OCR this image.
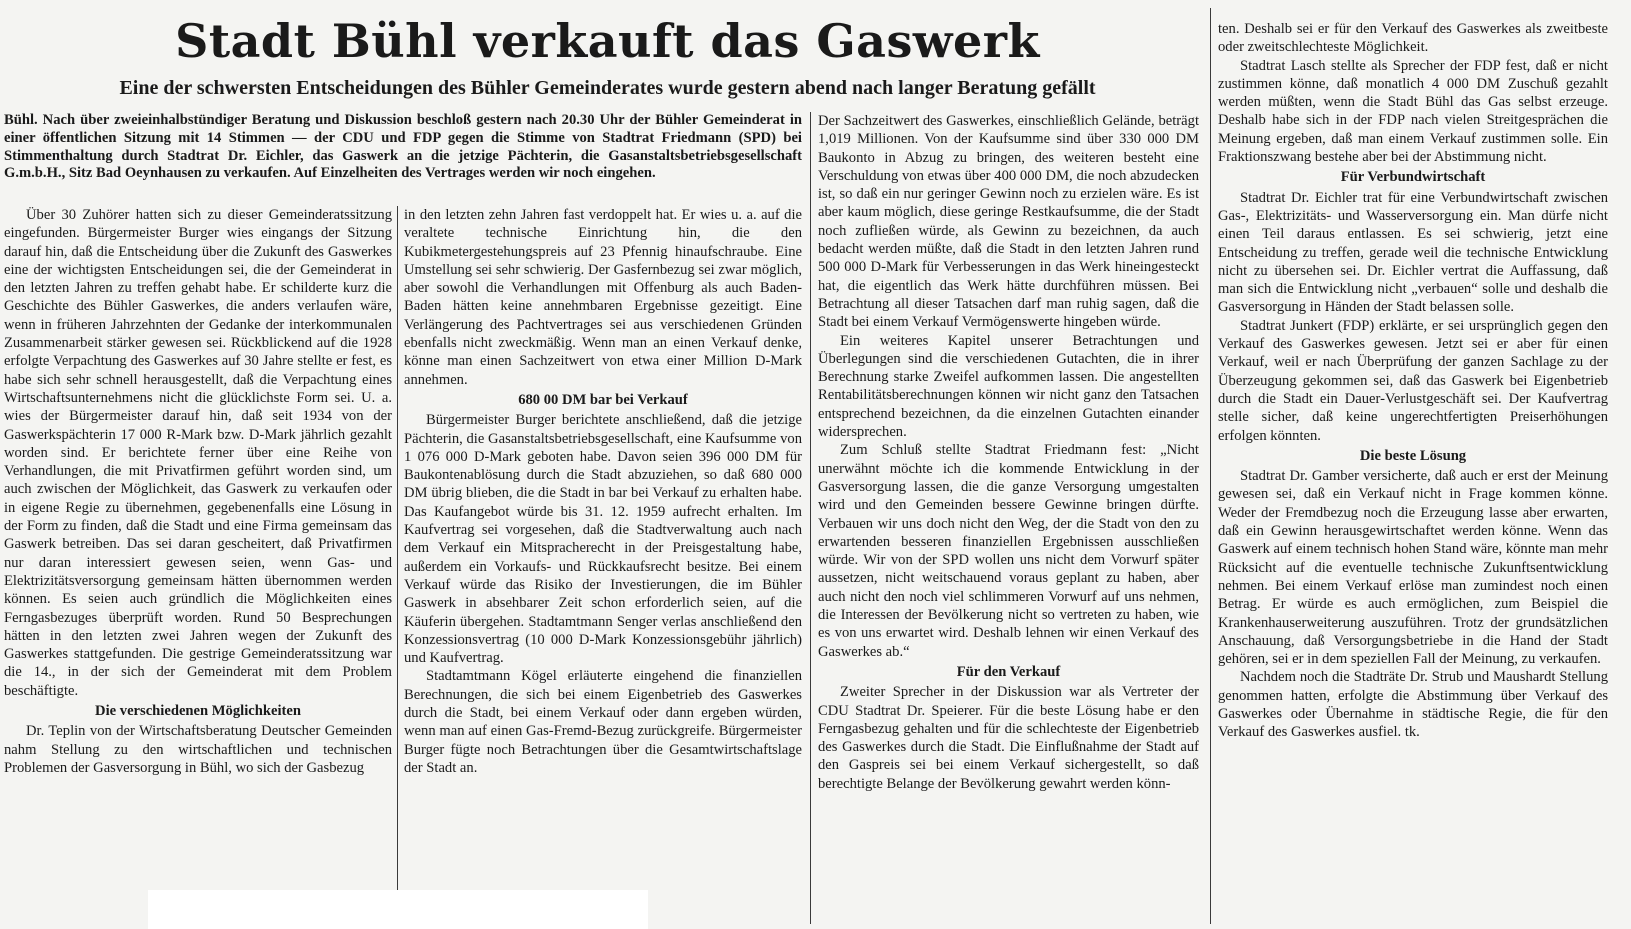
Stadt Bühl verkauft das Gaswerk
Eine der schwersten Entscheidungen des Bühler Gemeinderates wurde gestern abend nach langer Beratung gefällt
Bühl. Nach über zweieinhalbstündiger Beratung und Diskussion beschloß gestern nach 20.30 Uhr der Bühler Gemeinderat in einer öffentlichen Sitzung mit 14 Stimmen — der CDU und FDP gegen die Stimme von Stadtrat Friedmann (SPD) bei Stimmenthaltung durch Stadtrat Dr. Eichler, das Gaswerk an die jetzige Pächterin, die Gasanstaltsbetriebsgesellschaft G.m.b.H., Sitz Bad Oeynhausen zu verkaufen. Auf Einzelheiten des Vertrages werden wir noch eingehen.

Über 30 Zuhörer hatten sich zu dieser Gemeinderatssitzung eingefunden. Bürgermeister Burger wies eingangs der Sitzung darauf hin, daß die Entscheidung über die Zukunft des Gaswerkes eine der wichtigsten Entscheidungen sei, die der Gemeinderat in den letzten Jahren zu treffen gehabt habe. Er schilderte kurz die Geschichte des Bühler Gaswerkes, die anders verlaufen wäre, wenn in früheren Jahrzehnten der Gedanke der interkommunalen Zusammenarbeit stärker gewesen sei. Rückblickend auf die 1928 erfolgte Verpachtung des Gaswerkes auf 30 Jahre stellte er fest, es habe sich sehr schnell herausgestellt, daß die Verpachtung eines Wirtschaftsunternehmens nicht die glücklichste Form sei. U. a. wies der Bürgermeister darauf hin, daß seit 1934 von der Gaswerkspächterin 17 000 R-Mark bzw. D-Mark jährlich gezahlt worden sind. Er berichtete ferner über eine Reihe von Verhandlungen, die mit Privatfirmen geführt worden sind, um auch zwischen der Möglichkeit, das Gaswerk zu verkaufen oder in eigene Regie zu übernehmen, gegebenenfalls eine Lösung in der Form zu finden, daß die Stadt und eine Firma gemeinsam das Gaswerk betreiben. Das sei daran gescheitert, daß Privatfirmen nur daran interessiert gewesen seien, wenn Gas- und Elektrizitätsversorgung gemeinsam hätten übernommen werden können. Es seien auch gründlich die Möglichkeiten eines Ferngasbezuges überprüft worden. Rund 50 Besprechungen hätten in den letzten zwei Jahren wegen der Zukunft des Gaswerkes stattgefunden. Die gestrige Gemeinderatssitzung war die 14., in der sich der Gemeinderat mit dem Problem beschäftigte.

Die verschiedenen Möglichkeiten

Dr. Teplin von der Wirtschaftsberatung Deutscher Gemeinden nahm Stellung zu den wirtschaftlichen und technischen Problemen der Gasversorgung in Bühl, wo sich der Gasbezug

in den letzten zehn Jahren fast verdoppelt hat. Er wies u. a. auf die veraltete technische Einrichtung hin, die den Kubikmetergestehungspreis auf 23 Pfennig hinaufschraube. Eine Umstellung sei sehr schwierig. Der Gasfernbezug sei zwar möglich, aber sowohl die Verhandlungen mit Offenburg als auch Baden-Baden hätten keine annehmbaren Ergebnisse gezeitigt. Eine Verlängerung des Pachtvertrages sei aus verschiedenen Gründen ebenfalls nicht zweckmäßig. Wenn man an einen Verkauf denke, könne man einen Sachzeitwert von etwa einer Million D-Mark annehmen.

680 00 DM bar bei Verkauf

Bürgermeister Burger berichtete anschließend, daß die jetzige Pächterin, die Gasanstaltsbetriebsgesellschaft, eine Kaufsumme von 1 076 000 D-Mark geboten habe. Davon seien 396 000 DM für Baukontenablösung durch die Stadt abzuziehen, so daß 680 000 DM übrig blieben, die die Stadt in bar bei Verkauf zu erhalten habe. Das Kaufangebot würde bis 31. 12. 1959 aufrecht erhalten. Im Kaufvertrag sei vorgesehen, daß die Stadtverwaltung auch nach dem Verkauf ein Mitspracherecht in der Preisgestaltung habe, außerdem ein Vorkaufs- und Rückkaufsrecht besitze. Bei einem Verkauf würde das Risiko der Investierungen, die im Bühler Gaswerk in absehbarer Zeit schon erforderlich seien, auf die Käuferin übergehen. Stadtamtmann Senger verlas anschließend den Konzessionsvertrag (10 000 D-Mark Konzessionsgebühr jährlich) und Kaufvertrag.

Stadtamtmann Kögel erläuterte eingehend die finanziellen Berechnungen, die sich bei einem Eigenbetrieb des Gaswerkes durch die Stadt, bei einem Verkauf oder dann ergeben würden, wenn man auf einen Gas-Fremd-Bezug zurückgreife. Bürgermeister Burger fügte noch Betrachtungen über die Gesamtwirtschaftslage der Stadt an.

Der Sachzeitwert des Gaswerkes, einschließlich Gelände, beträgt 1,019 Millionen. Von der Kaufsumme sind über 330 000 DM Baukonto in Abzug zu bringen, des weiteren besteht eine Verschuldung von etwas über 400 000 DM, die noch abzudecken ist, so daß ein nur geringer Gewinn noch zu erzielen wäre. Es ist aber kaum möglich, diese geringe Restkaufsumme, die der Stadt noch zufließen würde, als Gewinn zu bezeichnen, da auch bedacht werden müßte, daß die Stadt in den letzten Jahren rund 500 000 D-Mark für Verbesserungen in das Werk hineingesteckt hat, die eigentlich das Werk hätte durchführen müssen. Bei Betrachtung all dieser Tatsachen darf man ruhig sagen, daß die Stadt bei einem Verkauf Vermögenswerte hingeben würde.

Ein weiteres Kapitel unserer Betrachtungen und Überlegungen sind die verschiedenen Gutachten, die in ihrer Berechnung starke Zweifel aufkommen lassen. Die angestellten Rentabilitätsberechnungen können wir nicht ganz den Tatsachen entsprechend bezeichnen, da die einzelnen Gutachten einander widersprechen.

Zum Schluß stellte Stadtrat Friedmann fest: „Nicht unerwähnt möchte ich die kommende Entwicklung in der Gasversorgung lassen, die die ganze Versorgung umgestalten wird und den Gemeinden bessere Gewinne bringen dürfte. Verbauen wir uns doch nicht den Weg, der die Stadt von den zu erwartenden besseren finanziellen Ergebnissen ausschließen würde. Wir von der SPD wollen uns nicht dem Vorwurf später aussetzen, nicht weitschauend voraus geplant zu haben, aber auch nicht den noch viel schlimmeren Vorwurf auf uns nehmen, die Interessen der Bevölkerung nicht so vertreten zu haben, wie es von uns erwartet wird. Deshalb lehnen wir einen Verkauf des Gaswerkes ab.“

Für den Verkauf

Zweiter Sprecher in der Diskussion war als Vertreter der CDU Stadtrat Dr. Speierer. Für die beste Lösung habe er den Ferngasbezug gehalten und für die schlechteste der Eigenbetrieb des Gaswerkes durch die Stadt. Die Einflußnahme der Stadt auf den Gaspreis sei bei einem Verkauf sichergestellt, so daß berechtigte Belange der Bevölkerung gewahrt werden könn-

ten. Deshalb sei er für den Verkauf des Gaswerkes als zweitbeste oder zweitschlechteste Möglichkeit.

Stadtrat Lasch stellte als Sprecher der FDP fest, daß er nicht zustimmen könne, daß monatlich 4 000 DM Zuschuß gezahlt werden müßten, wenn die Stadt Bühl das Gas selbst erzeuge. Deshalb habe sich in der FDP nach vielen Streitgesprächen die Meinung ergeben, daß man einem Verkauf zustimmen solle. Ein Fraktionszwang bestehe aber bei der Abstimmung nicht.

Für Verbundwirtschaft

Stadtrat Dr. Eichler trat für eine Verbundwirtschaft zwischen Gas-, Elektrizitäts- und Wasserversorgung ein. Man dürfe nicht einen Teil daraus entlassen. Es sei schwierig, jetzt eine Entscheidung zu treffen, gerade weil die technische Entwicklung nicht zu übersehen sei. Dr. Eichler vertrat die Auffassung, daß man sich die Entwicklung nicht „verbauen“ solle und deshalb die Gasversorgung in Händen der Stadt belassen solle.

Stadtrat Junkert (FDP) erklärte, er sei ursprünglich gegen den Verkauf des Gaswerkes gewesen. Jetzt sei er aber für einen Verkauf, weil er nach Überprüfung der ganzen Sachlage zu der Überzeugung gekommen sei, daß das Gaswerk bei Eigenbetrieb durch die Stadt ein Dauer-Verlustgeschäft sei. Der Kaufvertrag stelle sicher, daß keine ungerechtfertigten Preiserhöhungen erfolgen könnten.

Die beste Lösung

Stadtrat Dr. Gamber versicherte, daß auch er erst der Meinung gewesen sei, daß ein Verkauf nicht in Frage kommen könne. Weder der Fremdbezug noch die Erzeugung lasse aber erwarten, daß ein Gewinn herausgewirtschaftet werden könne. Wenn das Gaswerk auf einem technisch hohen Stand wäre, könnte man mehr Rücksicht auf die eventuelle technische Zukunftsentwicklung nehmen. Bei einem Verkauf erlöse man zumindest noch einen Betrag. Er würde es auch ermöglichen, zum Beispiel die Krankenhauserweiterung auszuführen. Trotz der grundsätzlichen Anschauung, daß Versorgungsbetriebe in die Hand der Stadt gehören, sei er in dem speziellen Fall der Meinung, zu verkaufen.

Nachdem noch die Stadträte Dr. Strub und Maushardt Stellung genommen hatten, erfolgte die Abstimmung über Verkauf des Gaswerkes oder Übernahme in städtische Regie, die für den Verkauf des Gaswerkes ausfiel. tk.
